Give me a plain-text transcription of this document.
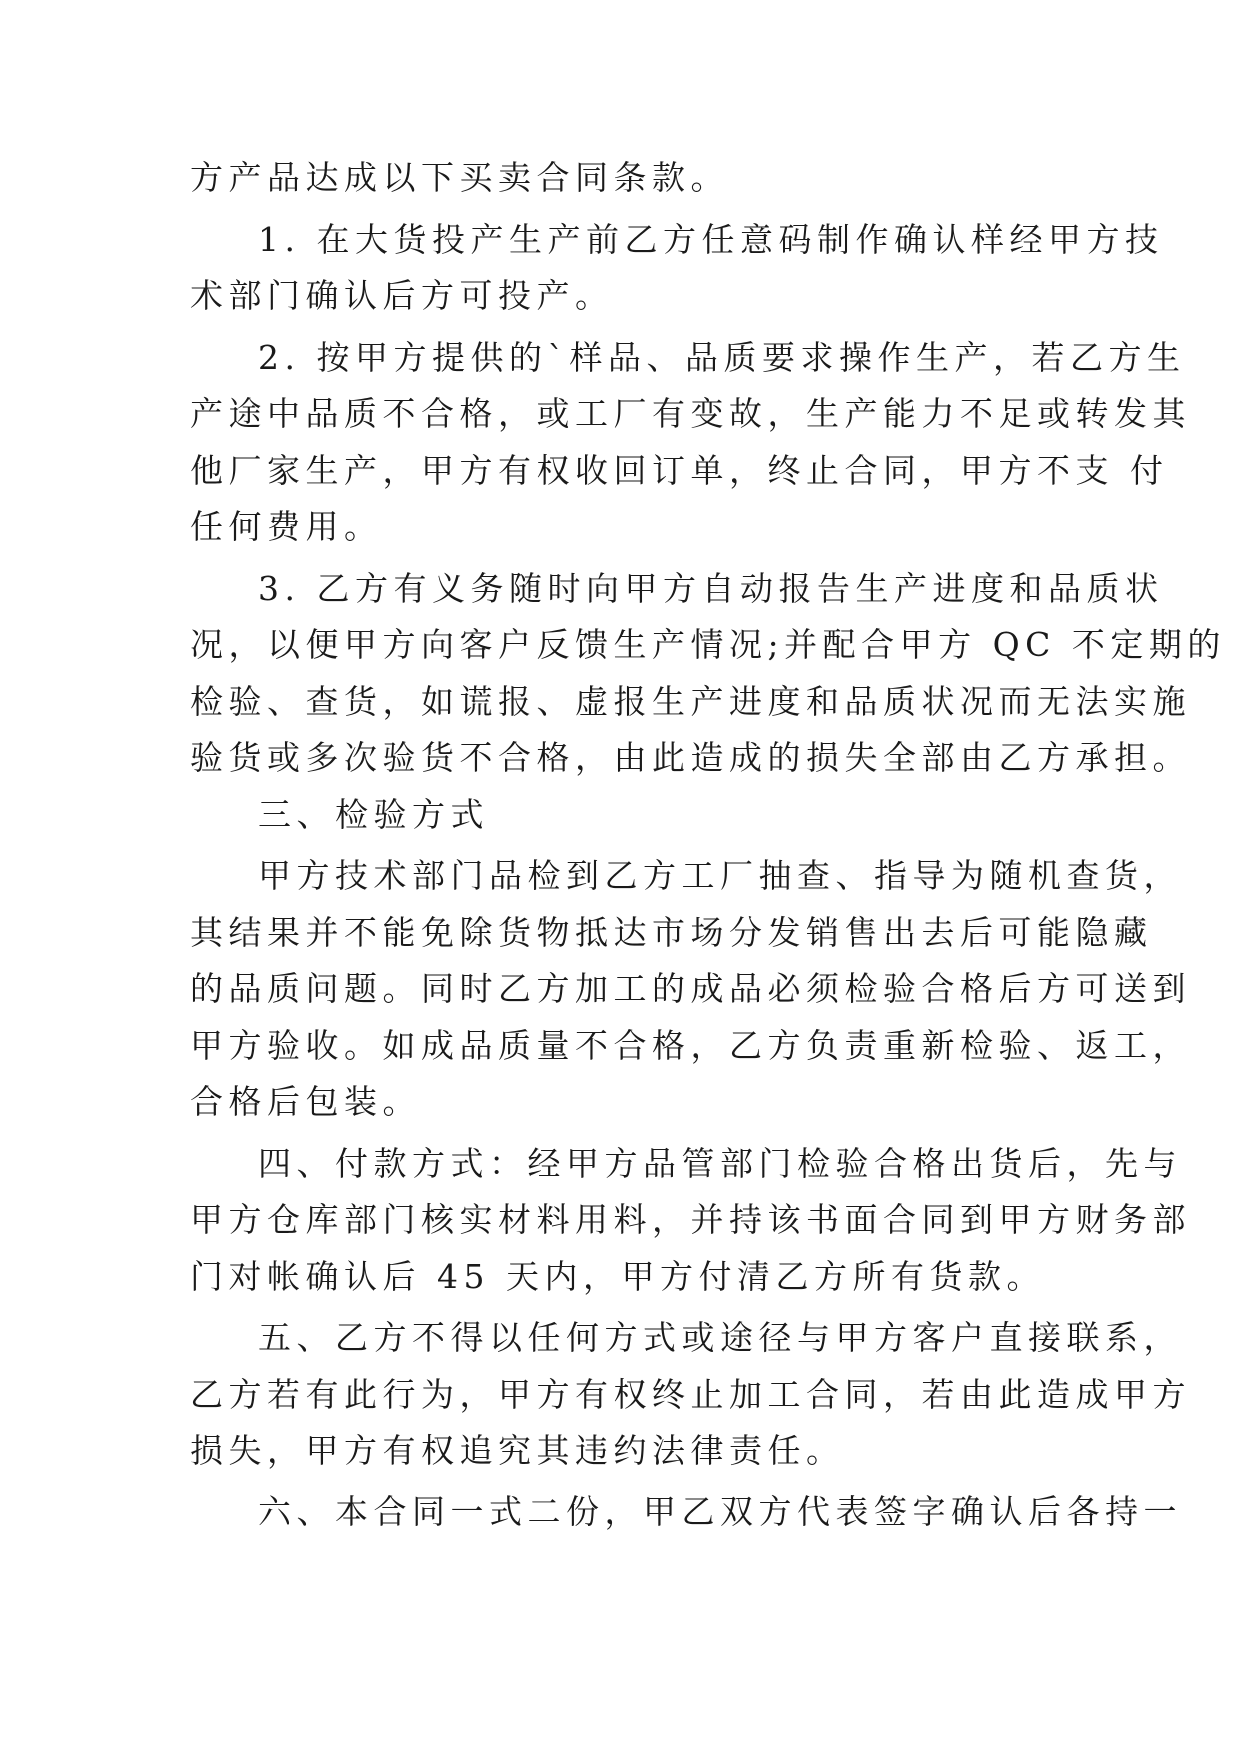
方产品达成以下买卖合同条款。
1. 在大货投产生产前乙方任意码制作确认样经甲方技
术部门确认后方可投产。
2. 按甲方提供的`样品、品质要求操作生产，若乙方生
产途中品质不合格，或工厂有变故，生产能力不足或转发其
他厂家生产，甲方有权收回订单，终止合同，甲方不支 付
任何费用。
3. 乙方有义务随时向甲方自动报告生产进度和品质状
况，以便甲方向客户反馈生产情况;并配合甲方 QC 不定期的
检验、查货，如谎报、虚报生产进度和品质状况而无法实施
验货或多次验货不合格，由此造成的损失全部由乙方承担。
三、检验方式
甲方技术部门品检到乙方工厂抽查、指导为随机查货，
其结果并不能免除货物抵达市场分发销售出去后可能隐藏
的品质问题。同时乙方加工的成品必须检验合格后方可送到
甲方验收。如成品质量不合格，乙方负责重新检验、返工，
合格后包装。
四、付款方式：经甲方品管部门检验合格出货后，先与
甲方仓库部门核实材料用料，并持该书面合同到甲方财务部
门对帐确认后 45 天内，甲方付清乙方所有货款。
五、乙方不得以任何方式或途径与甲方客户直接联系，
乙方若有此行为，甲方有权终止加工合同，若由此造成甲方
损失，甲方有权追究其违约法律责任。
六、本合同一式二份，甲乙双方代表签字确认后各持一
